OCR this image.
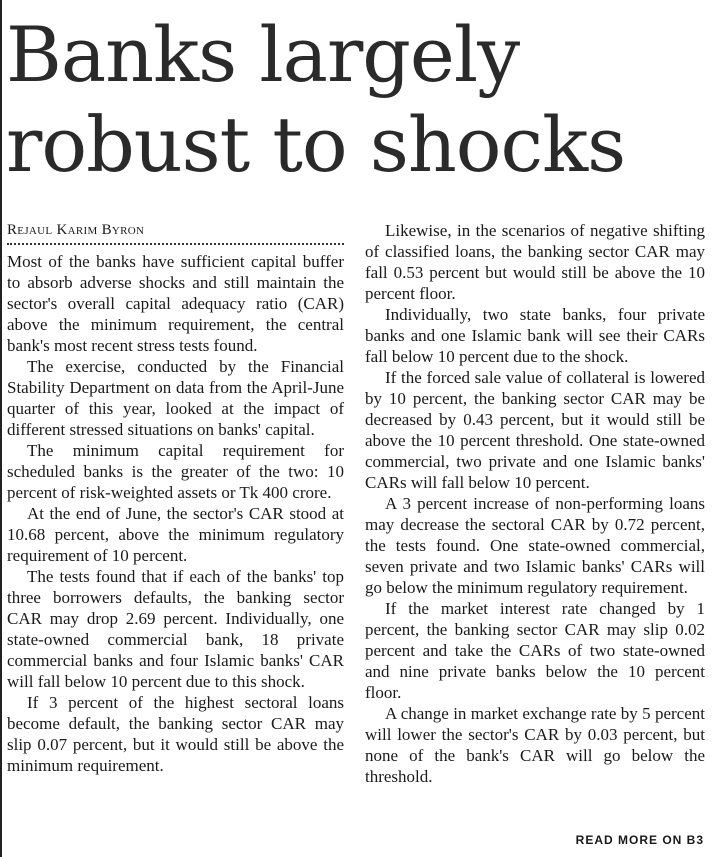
Banks largely
robust to shocks
Rejaul Karim Byron

Most of the banks have sufficient capital buffer to absorb adverse shocks and still maintain the sector's overall capital adequacy ratio (CAR) above the minimum requirement, the central bank's most recent stress tests found.

The exercise, conducted by the Financial Stability Department on data from the April-June quarter of this year, looked at the impact of different stressed situations on banks' capital.

The minimum capital requirement for scheduled banks is the greater of the two: 10 percent of risk-weighted assets or Tk 400 crore.

At the end of June, the sector's CAR stood at 10.68 percent, above the minimum regulatory requirement of 10 percent.

The tests found that if each of the banks' top three borrowers defaults, the banking sector CAR may drop 2.69 percent. Individually, one state-owned commercial bank, 18 private commercial banks and four Islamic banks' CAR will fall below 10 percent due to this shock.

If 3 percent of the highest sectoral loans become default, the banking sector CAR may slip 0.07 percent, but it would still be above the minimum requirement.

Likewise, in the scenarios of negative shifting of classified loans, the banking sector CAR may fall 0.53 percent but would still be above the 10 percent floor.

Individually, two state banks, four private banks and one Islamic bank will see their CARs fall below 10 percent due to the shock.

If the forced sale value of collateral is lowered by 10 percent, the banking sector CAR may be decreased by 0.43 percent, but it would still be above the 10 percent threshold. One state-owned commercial, two private and one Islamic banks' CARs will fall below 10 percent.

A 3 percent increase of non-performing loans may decrease the sectoral CAR by 0.72 percent, the tests found. One state-owned commercial, seven private and two Islamic banks' CARs will go below the minimum regulatory requirement.

If the market interest rate changed by 1 percent, the banking sector CAR may slip 0.02 percent and take the CARs of two state-owned and nine private banks below the 10 percent floor.

A change in market exchange rate by 5 percent will lower the sector's CAR by 0.03 percent, but none of the bank's CAR will go below the threshold.

READ MORE ON B3
